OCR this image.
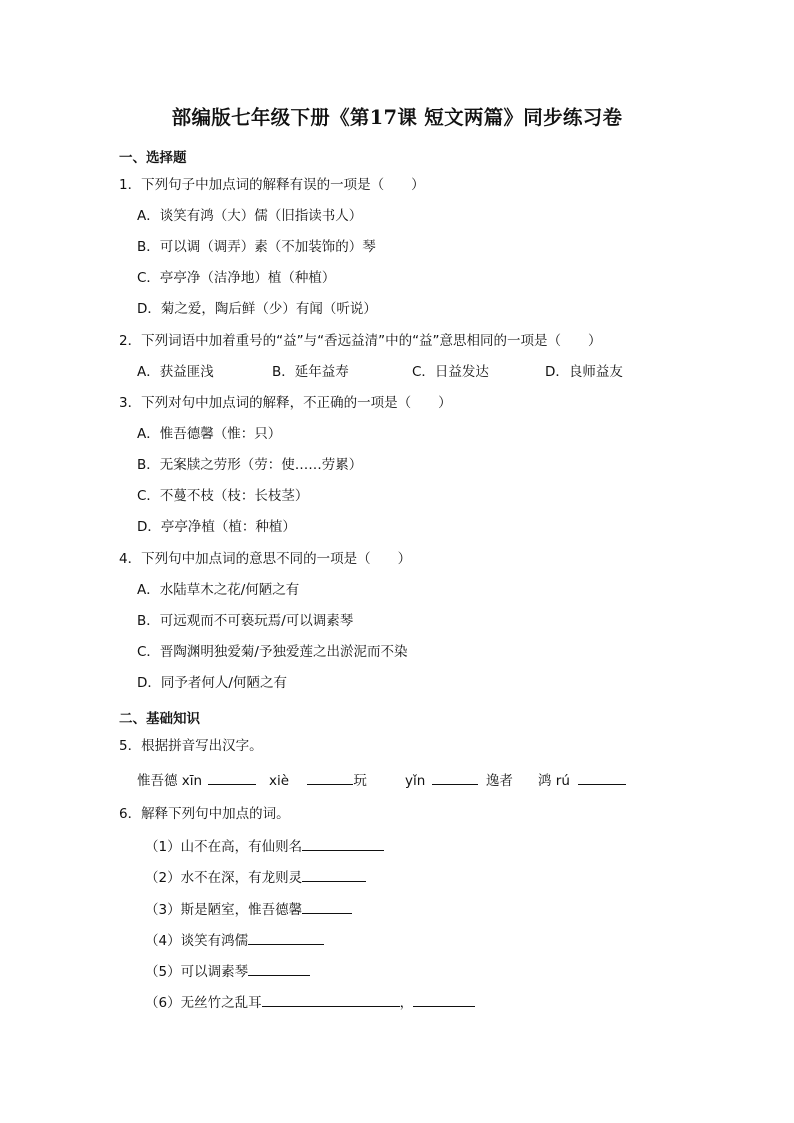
部编版七年级下册《第17课 短文两篇》同步练习卷
一、选择题
1．下列句子中加点词的解释有误的一项是（　　）
A．谈笑有鸿（大）儒（旧指读书人）
B．可以调（调弄）素（不加装饰的）琴
C．亭亭净（洁净地）植（种植）
D．菊之爱，陶后鲜（少）有闻（听说）
2．下列词语中加着重号的“益”与“香远益清”中的“益”意思相同的一项是（　　）
A．获益匪浅	B．延年益寿	C．日益发达	D．良师益友
3．下列对句中加点词的解释，不正确的一项是（　　）
A．惟吾德馨（惟：只）
B．无案牍之劳形（劳：使……劳累）
C．不蔓不枝（枝：长枝茎）
D．亭亭净植（植：种植）
4．下列句中加点词的意思不同的一项是（　　）
A．水陆草木之花/何陋之有
B．可远观而不可亵玩焉/可以调素琴
C．晋陶渊明独爱菊/予独爱莲之出淤泥而不染
D．同予者何人/何陋之有
二、基础知识
5．根据拼音写出汉字。
惟吾德 xīn	xiè	玩	yǐn	逸者 鸿 rú
6．解释下列句中加点的词。
（1）山不在高，有仙则名
（2）水不在深，有龙则灵
（3）斯是陋室，惟吾德馨
（4）谈笑有鸿儒
（5）可以调素琴
（6）无丝竹之乱耳	，
